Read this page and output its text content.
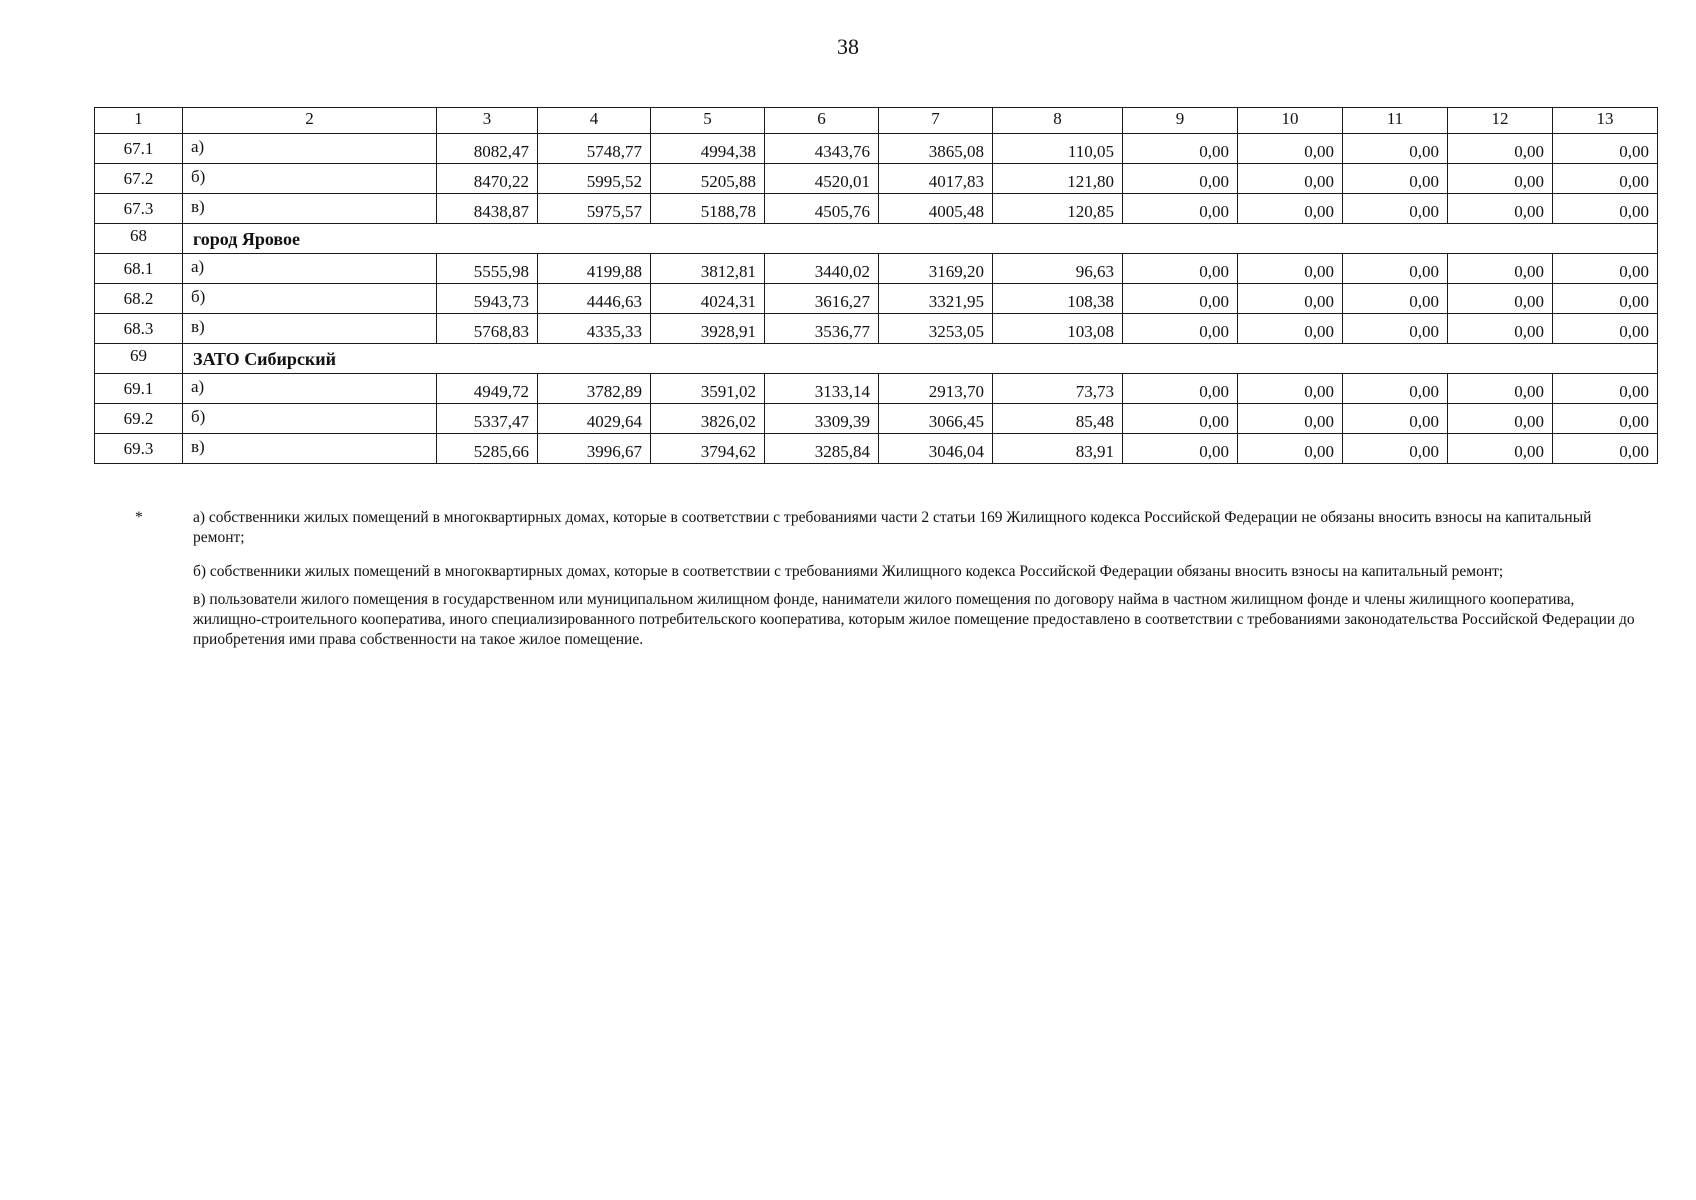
38
1	2	3	4	5	6	7	8	9	10	11	12	13
67.1	а)	8082,47	5748,77	4994,38	4343,76	3865,08	110,05	0,00	0,00	0,00	0,00	0,00
67.2	б)	8470,22	5995,52	5205,88	4520,01	4017,83	121,80	0,00	0,00	0,00	0,00	0,00
67.3	в)	8438,87	5975,57	5188,78	4505,76	4005,48	120,85	0,00	0,00	0,00	0,00	0,00
68	город Яровое											
68.1	а)	5555,98	4199,88	3812,81	3440,02	3169,20	96,63	0,00	0,00	0,00	0,00	0,00
68.2	б)	5943,73	4446,63	4024,31	3616,27	3321,95	108,38	0,00	0,00	0,00	0,00	0,00
68.3	в)	5768,83	4335,33	3928,91	3536,77	3253,05	103,08	0,00	0,00	0,00	0,00	0,00
69	ЗАТО Сибирский											
69.1	а)	4949,72	3782,89	3591,02	3133,14	2913,70	73,73	0,00	0,00	0,00	0,00	0,00
69.2	б)	5337,47	4029,64	3826,02	3309,39	3066,45	85,48	0,00	0,00	0,00	0,00	0,00
69.3	в)	5285,66	3996,67	3794,62	3285,84	3046,04	83,91	0,00	0,00	0,00	0,00	0,00
*	а) собственники жилых помещений в многоквартирных домах, которые в соответствии с требованиями части 2 статьи 169 Жилищного кодекса Российской Федерации не обязаны вносить взносы на капитальный ремонт;
б) собственники жилых помещений в многоквартирных домах, которые в соответствии с требованиями Жилищного кодекса Российской Федерации обязаны вносить взносы на капитальный ремонт;
в) пользователи жилого помещения в государственном или муниципальном жилищном фонде, наниматели жилого помещения по договору найма в частном жилищном фонде и члены жилищного кооператива, жилищно-строительного кооператива, иного специализированного потребительского кооператива, которым жилое помещение предоставлено в соответствии с требованиями законодательства Российской Федерации до приобретения ими права собственности на такое жилое помещение.
